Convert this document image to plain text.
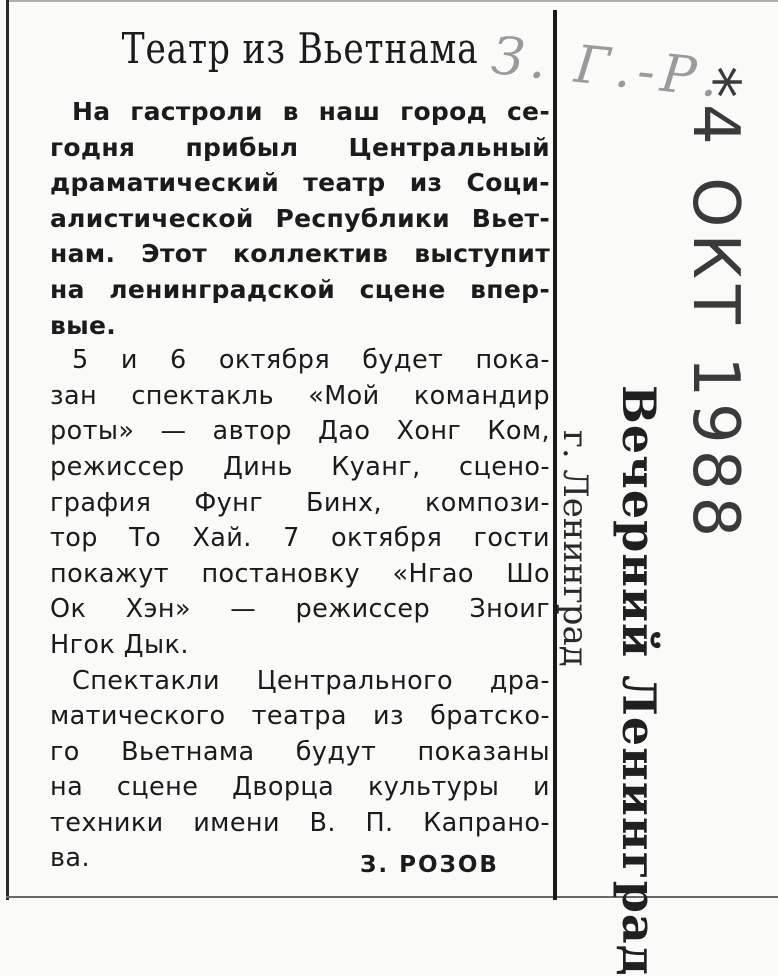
Театр из Вьетнама
На гастроли в наш город се-
годня прибыл Центральный
драматический театр из Соци-
алистической Республики Вьет-
нам. Этот коллектив выступит
на ленинградской сцене впер-
вые.
5 и 6 октября будет пока-
зан спектакль «Мой командир
роты» — автор Дао Хонг Ком,
режиссер Динь Куанг, сцено-
графия Фунг Бинх, компози-
тор То Хай. 7 октября гости
покажут постановку «Нгао Шо
Ок Хэн» — режиссер Зноиг
Нгок Дык.
Спектакли Центрального дра-
матического театра из братско-
го Вьетнама будут показаны
на сцене Дворца культуры и
техники имени В. П. Капрано-
ва.	З. РОЗОВ
З. Г.-Р.
*4 ОКТ 1988
Вечерний Ленинград
г. Ленинград
